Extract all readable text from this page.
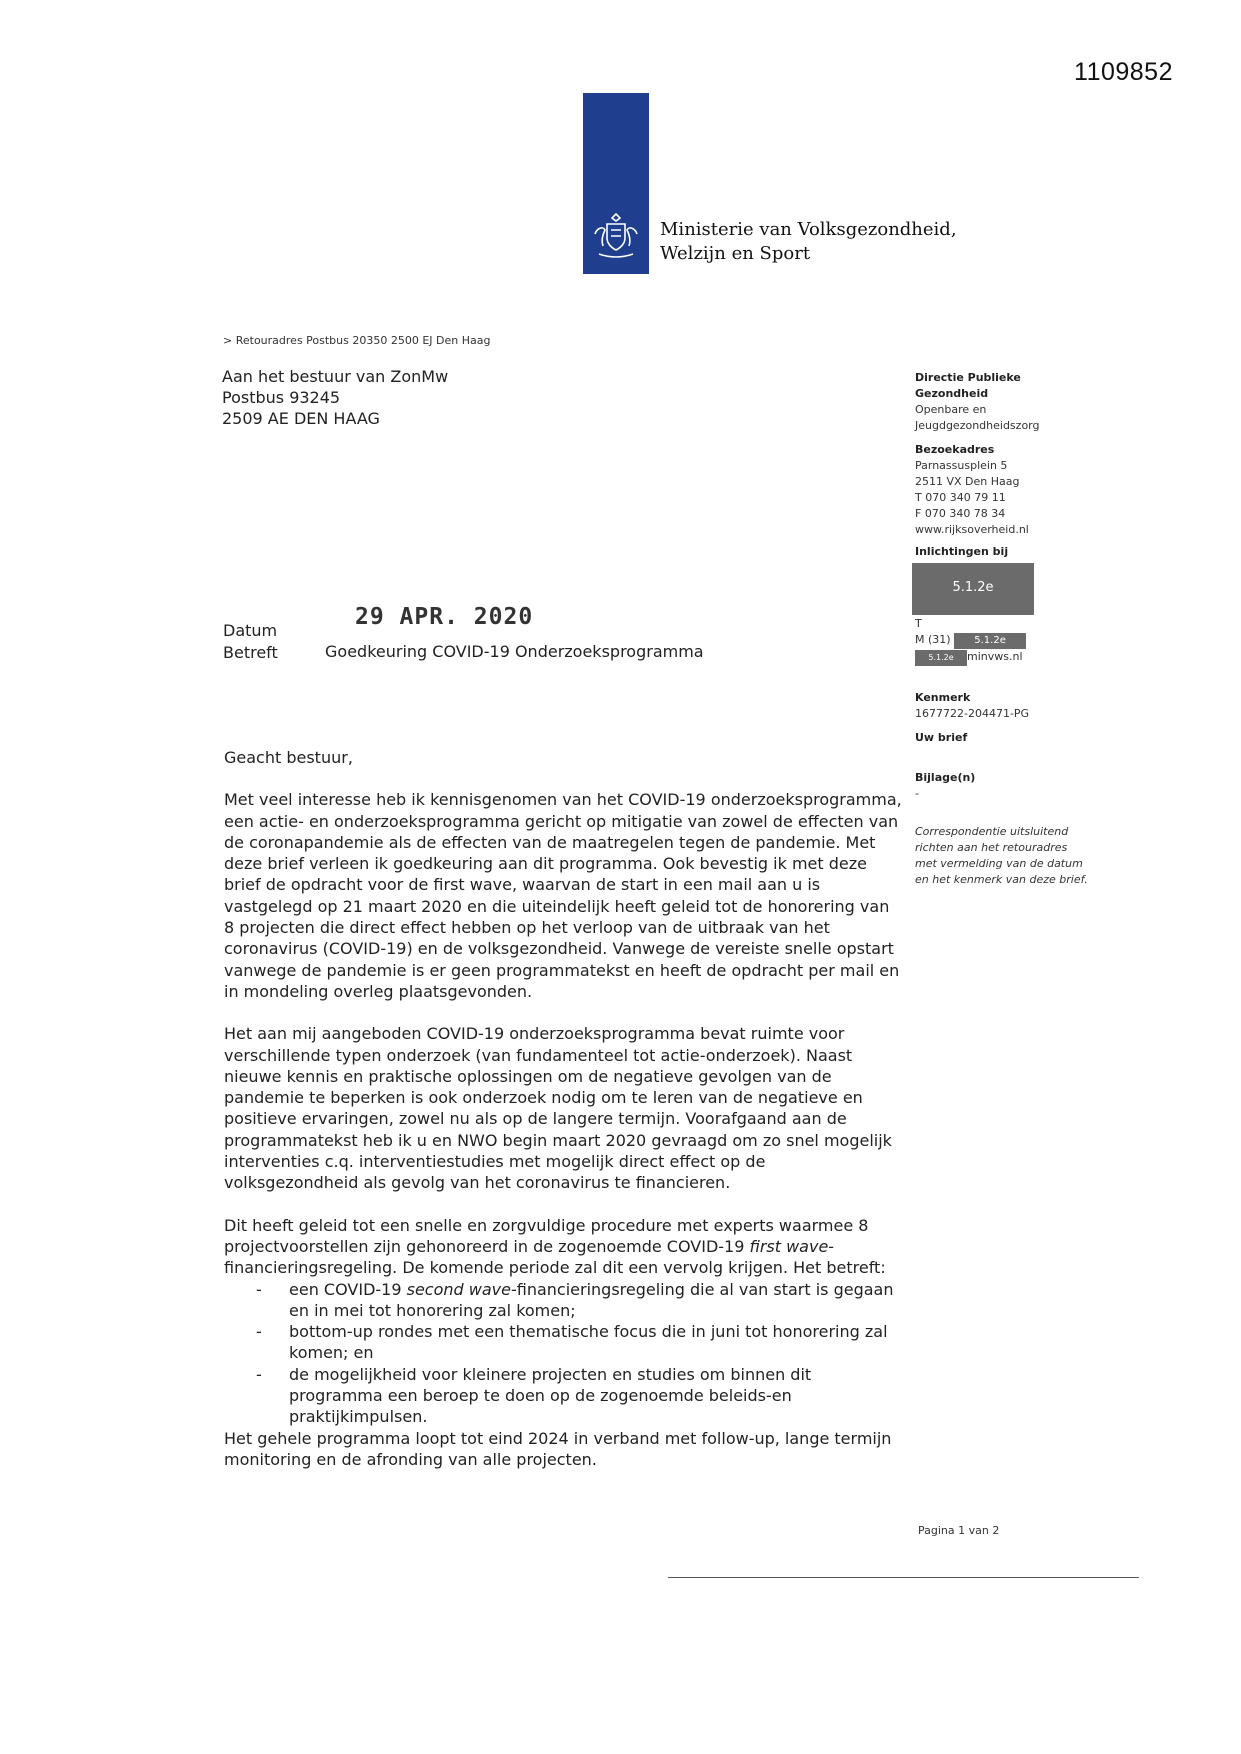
1109852
Ministerie van Volksgezondheid,
Welzijn en Sport
> Retouradres Postbus 20350 2500 EJ Den Haag
Aan het bestuur van ZonMw
Postbus 93245
2509 AE DEN HAAG
Directie Publieke
Gezondheid
Openbare en
Jeugdgezondheidszorg
Bezoekadres
Parnassusplein 5
2511 VX Den Haag
T 070 340 79 11
F 070 340 78 34
www.rijksoverheid.nl
Inlichtingen bij
5.1.2e
T
M (31) 5.1.2e
5.1.2e minvws.nl
Kenmerk
1677722-204471-PG
Uw brief
Bijlage(n)
-
Correspondentie uitsluitend richten aan het retouradres met vermelding van de datum en het kenmerk van deze brief.
29 APR. 2020
Datum
Betreft	Goedkeuring COVID-19 Onderzoeksprogramma

Geacht bestuur,

Met veel interesse heb ik kennisgenomen van het COVID-19 onderzoeksprogramma, een actie- en onderzoeksprogramma gericht op mitigatie van zowel de effecten van de coronapandemie als de effecten van de maatregelen tegen de pandemie. Met deze brief verleen ik goedkeuring aan dit programma. Ook bevestig ik met deze brief de opdracht voor de first wave, waarvan de start in een mail aan u is vastgelegd op 21 maart 2020 en die uiteindelijk heeft geleid tot de honorering van 8 projecten die direct effect hebben op het verloop van de uitbraak van het coronavirus (COVID-19) en de volksgezondheid. Vanwege de vereiste snelle opstart vanwege de pandemie is er geen programmatekst en heeft de opdracht per mail en in mondeling overleg plaatsgevonden.

Het aan mij aangeboden COVID-19 onderzoeksprogramma bevat ruimte voor verschillende typen onderzoek (van fundamenteel tot actie-onderzoek). Naast nieuwe kennis en praktische oplossingen om de negatieve gevolgen van de pandemie te beperken is ook onderzoek nodig om te leren van de negatieve en positieve ervaringen, zowel nu als op de langere termijn. Voorafgaand aan de programmatekst heb ik u en NWO begin maart 2020 gevraagd om zo snel mogelijk interventies c.q. interventiestudies met mogelijk direct effect op de volksgezondheid als gevolg van het coronavirus te financieren.

Dit heeft geleid tot een snelle en zorgvuldige procedure met experts waarmee 8 projectvoorstellen zijn gehonoreerd in de zogenoemde COVID-19 first wave-financieringsregeling. De komende periode zal dit een vervolg krijgen. Het betreft:

- een COVID-19 second wave-financieringsregeling die al van start is gegaan en in mei tot honorering zal komen;
- bottom-up rondes met een thematische focus die in juni tot honorering zal komen; en
- de mogelijkheid voor kleinere projecten en studies om binnen dit programma een beroep te doen op de zogenoemde beleids-en praktijkimpulsen.

Het gehele programma loopt tot eind 2024 in verband met follow-up, lange termijn monitoring en de afronding van alle projecten.

Pagina 1 van 2
